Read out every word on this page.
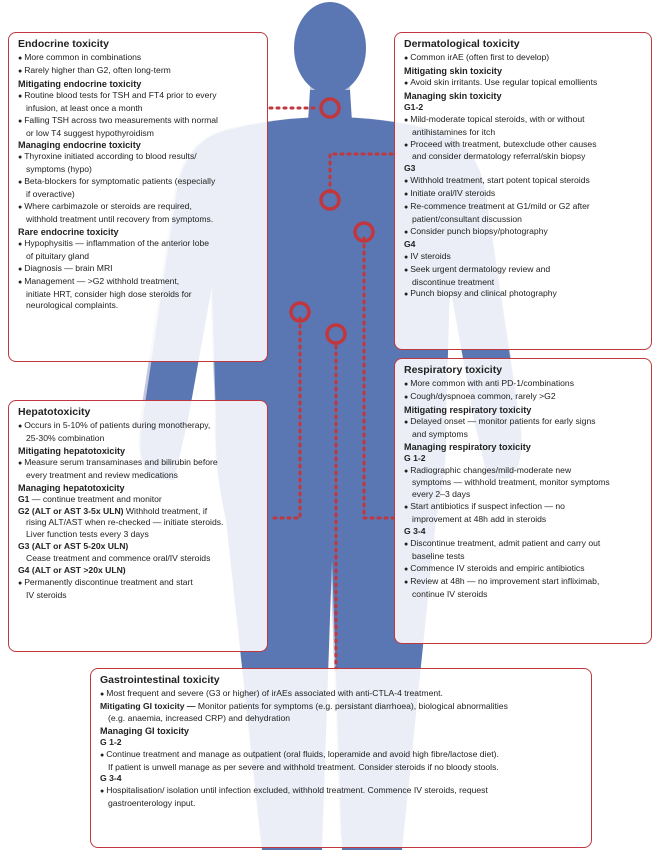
Endocrine toxicity
● More common in combinations
● Rarely higher than G2, often long-term
Mitigating endocrine toxicity
● Routine blood tests for TSH and FT4 prior to every
infusion, at least once a month
● Falling TSH across two measurements with normal
or low T4 suggest hypothyroidism
Managing endocrine toxicity
● Thyroxine initiated according to blood results/
symptoms (hypo)
● Beta-blockers for symptomatic patients (especially
if overactive)
● Where carbimazole or steroids are required,
withhold treatment until recovery from symptoms.
Rare endocrine toxicity
● Hypophysitis — inflammation of the anterior lobe
of pituitary gland
● Diagnosis — brain MRI
● Management — >G2 withhold treatment,
initiate HRT, consider high dose steroids for
neurological complaints.
Dermatological toxicity
● Common irAE (often first to develop)
Mitigating skin toxicity
● Avoid skin irritants. Use regular topical emollients
Managing skin toxicity
G1-2
● Mild-moderate topical steroids, with or without
antihistamines for itch
● Proceed with treatment, butexclude other causes
and consider dermatology referral/skin biopsy
G3
● Withhold treatment, start potent topical steroids
● Initiate oral/IV steroids
● Re-commence treatment at G1/mild or G2 after
patient/consultant discussion
● Consider punch biopsy/photography
G4
● IV steroids
● Seek urgent dermatology review and
discontinue treatment
● Punch biopsy and clinical photography
Respiratory toxicity
● More common with anti PD-1/combinations
● Cough/dyspnoea common, rarely >G2
Mitigating respiratory toxicity
● Delayed onset — monitor patients for early signs
and symptoms
Managing respiratory toxicity
G 1-2
● Radiographic changes/mild-moderate new
symptoms — withhold treatment, monitor symptoms
every 2–3 days
● Start antibiotics if suspect infection — no
improvement at 48h add in steroids
G 3-4
● Discontinue treatment, admit patient and carry out
baseline tests
● Commence IV steroids and empiric antibiotics
● Review at 48h — no improvement start infliximab,
continue IV steroids
Hepatotoxicity
● Occurs in 5-10% of patients during monotherapy,
25-30% combination
Mitigating hepatotoxicity
● Measure serum transaminases and bilirubin before
every treatment and review medications
Managing hepatotoxicity
G1 — continue treatment and monitor
G2 (ALT or AST 3-5x ULN) Withhold treatment, if
rising ALT/AST when re-checked — initiate steroids.
Liver function tests every 3 days
G3 (ALT or AST 5-20x ULN)
Cease treatment and commence oral/IV steroids
G4 (ALT or AST >20x ULN)
● Permanently discontinue treatment and start
IV steroids
Gastrointestinal toxicity
● Most frequent and severe (G3 or higher) of irAEs associated with anti-CTLA-4 treatment.
Mitigating GI toxicity — Monitor patients for symptoms (e.g. persistant diarrhoea), biological abnormalities
(e.g. anaemia, increased CRP) and dehydration
Managing GI toxicity
G 1-2
● Continue treatment and manage as outpatient (oral fluids, loperamide and avoid high fibre/lactose diet).
If patient is unwell manage as per severe and withhold treatment. Consider steroids if no bloody stools.
G 3-4
● Hospitalisation/ isolation until infection excluded, withhold treatment. Commence IV steroids, request
gastroenterology input.
